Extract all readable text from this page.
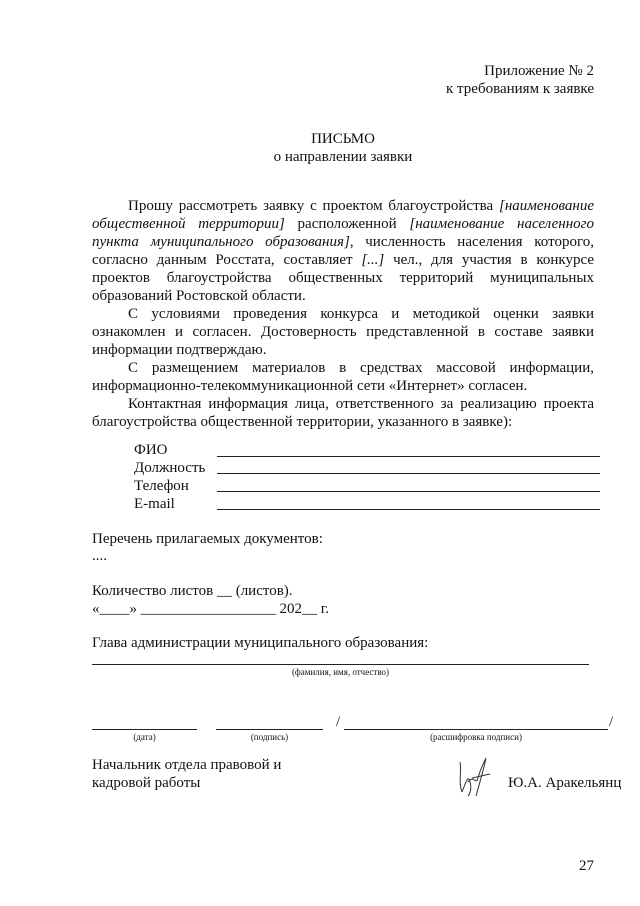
Приложение № 2
к требованиям к заявке
ПИСЬМО
о направлении заявки

Прошу рассмотреть заявку с проектом благоустройства [наименование общественной территории] расположенной [наименование населенного пункта муниципального образования], численность населения которого, согласно данным Росстата, составляет [...] чел., для участия в конкурсе проектов благоустройства общественных территорий муниципальных образований Ростовской области.

С условиями проведения конкурса и методикой оценки заявки ознакомлен и согласен. Достоверность представленной в составе заявки информации подтверждаю.

С размещением материалов в средствах массовой информации, информационно-телекоммуникационной сети «Интернет» согласен.

Контактная информация лица, ответственного за реализацию проекта благоустройства общественной территории, указанного в заявке):

ФИО
Должность
Телефон
E-mail
Перечень прилагаемых документов:
....
Количество листов __ (листов).
«____» __________________ 202__ г.
Глава администрации муниципального образования:
(фамилия, имя, отчество)
(дата)	(подпись)
/	/
(расшифровка подписи)
Начальник отдела правовой и
кадровой работы	Ю.А. Аракельянц
27
